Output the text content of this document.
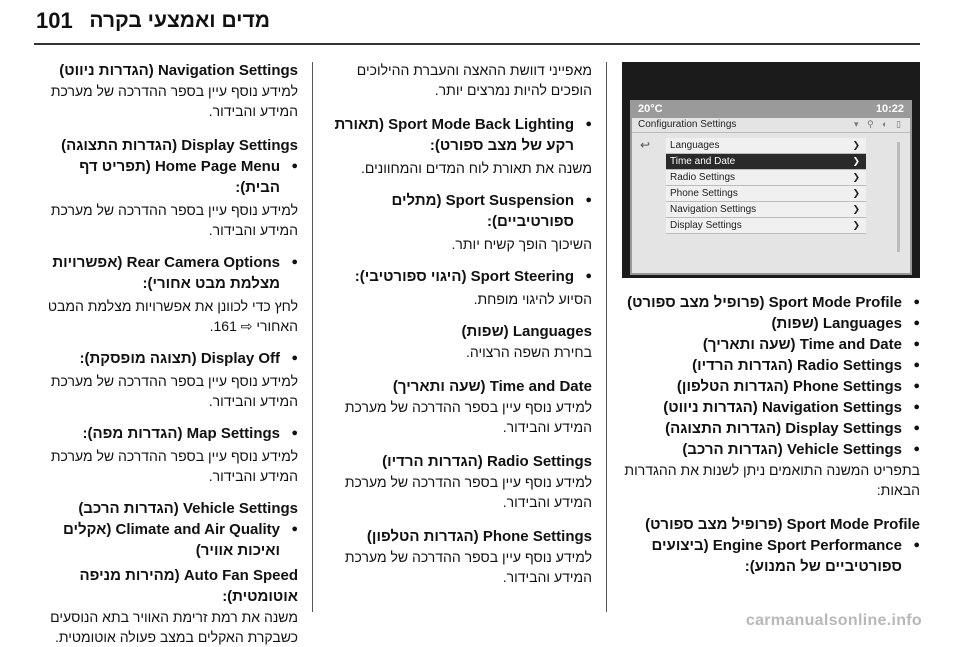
101 מדים ואמצעי בקרה
20°C	10:22
Configuration Settings	▾ ⚲ ◐ ▯
↩	Languages	❯
Time and Date	❯
Radio Settings	❯
Phone Settings	❯
Navigation Settings	❯
Display Settings	❯

● Sport Mode Profile (פרופיל מצב ספורט)

● Languages (שפות)

● Time and Date (שעה ותאריך)

● Radio Settings (הגדרות הרדיו)

● Phone Settings (הגדרות הטלפון)

● Navigation Settings (הגדרות ניווט)

● Display Settings (הגדרות התצוגה)

● Vehicle Settings (הגדרות הרכב)

בתפריט המשנה התואמים ניתן לשנות את ההגדרות הבאות:

Sport Mode Profile (פרופיל מצב ספורט)

● Engine Sport Performance (ביצועים ספורטיביים של המנוע):

מאפייני דוושת ההאצה והעברת ההילוכים הופכים להיות נמרצים יותר.

● Sport Mode Back Lighting (תאורת רקע של מצב ספורט):

משנה את תאורת לוח המדים והמחוונים.

● Sport Suspension (מתלים ספורטיביים):

השיכוך הופך קשיח יותר.

● Sport Steering (היגוי ספורטיבי):

הסיוע להיגוי מופחת.

Languages (שפות)

בחירת השפה הרצויה.

Time and Date (שעה ותאריך)

למידע נוסף עיין בספר ההדרכה של מערכת המידע והבידור.

Radio Settings (הגדרות הרדיו)

למידע נוסף עיין בספר ההדרכה של מערכת המידע והבידור.

Phone Settings (הגדרות הטלפון)

למידע נוסף עיין בספר ההדרכה של מערכת המידע והבידור.

Navigation Settings (הגדרות ניווט)

למידע נוסף עיין בספר ההדרכה של מערכת המידע והבידור.

Display Settings (הגדרות התצוגה)

● Home Page Menu (תפריט דף הבית):

למידע נוסף עיין בספר ההדרכה של מערכת המידע והבידור.

● Rear Camera Options (אפשרויות מצלמת מבט אחורי):

לחץ כדי לכוונן את אפשרויות מצלמת המבט האחורי ⇨ 161.

● Display Off (תצוגה מופסקת):

למידע נוסף עיין בספר ההדרכה של מערכת המידע והבידור.

● Map Settings (הגדרות מפה):

למידע נוסף עיין בספר ההדרכה של מערכת המידע והבידור.

Vehicle Settings (הגדרות הרכב)

● Climate and Air Quality (אקלים ואיכות אוויר)

Auto Fan Speed (מהירות מניפה אוטומטית):

משנה את רמת זרימת האוויר בתא הנוסעים כשבקרת האקלים במצב פעולה אוטומטית.

carmanualsonline.info
